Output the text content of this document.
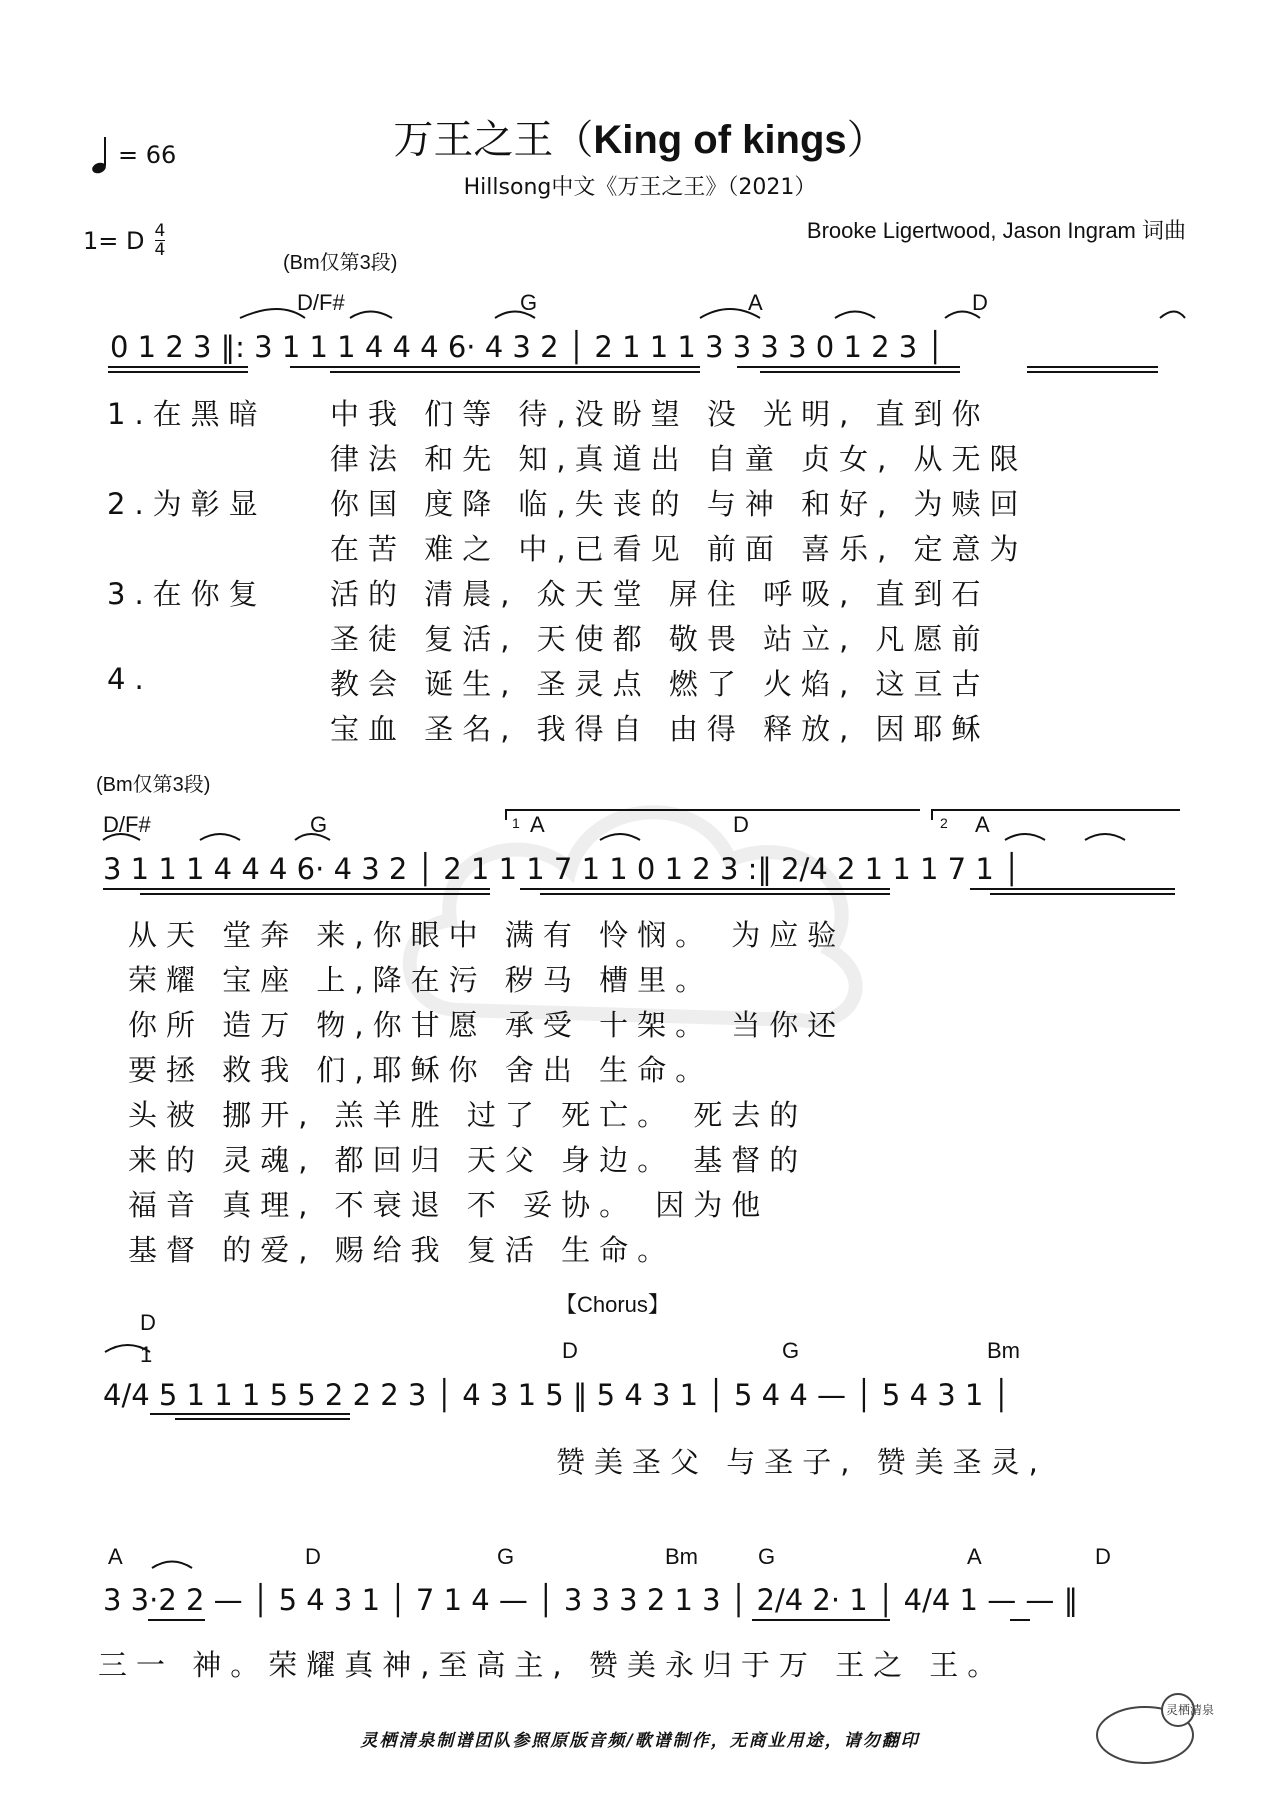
万王之王（King of kings）
Hillsong中文《万王之王》（2021）
= 66
1= D 4
4
Brooke Ligertwood, Jason Ingram 词曲
(Bm仅第3段)
D/F#	G	A	D
0 1 2 3 ‖: 3 1 1 1 4 4 4 6· 4 3 2 │ 2 1 1 1 3 3 3 3 0 1 2 3 │
1.在黑暗
2.为彰显
3.在你复
4.
中我 们等 待,没盼望 没 光明, 直到你
律法 和先 知,真道出 自童 贞女, 从无限
你国 度降 临,失丧的 与神 和好, 为赎回
在苦 难之 中,已看见 前面 喜乐, 定意为
活的 清晨, 众天堂 屏住 呼吸, 直到石
圣徒 复活, 天使都 敬畏 站立, 凡愿前
教会 诞生, 圣灵点 燃了 火焰, 这亘古
宝血 圣名, 我得自 由得 释放, 因耶稣
(Bm仅第3段)
D/F#	G	A	D	A
1	2
3 1 1 1 4 4 4 6· 4 3 2 │ 2 1 1 1 7 1 1 0 1 2 3 :‖ 2/4 2 1 1 1 7 1 │
从天 堂奔 来,你眼中 满有 怜悯。 为应验
荣耀 宝座 上,降在污 秽马 槽里。
你所 造万 物,你甘愿 承受 十架。 当你还
要拯 救我 们,耶稣你 舍出 生命。
头被 挪开, 羔羊胜 过了 死亡。 死去的
来的 灵魂, 都回归 天父 身边。 基督的
福音 真理, 不衰退 不 妥协。 因为他
基督 的爱, 赐给我 复活 生命。
【Chorus】
D
D	G	Bm
1
4/4 5 1 1 1 5 5 2 2 2 3 │ 4 3 1 5 ‖ 5 4 3 1 │ 5 4 4 — │ 5 4 3 1 │
赞美圣父 与圣子, 赞美圣灵,
A	D	G	Bm	G	A	D
3 3·2 2 — │ 5 4 3 1 │ 7 1 4 — │ 3 3 3 2 1 3 │ 2/4 2· 1 │ 4/4 1 — — ‖
三一 神。荣耀真神,至高主, 赞美永归于万 王之 王。
灵栖清泉制谱团队参照原版音频/歌谱制作，无商业用途，请勿翻印
灵栖清泉
